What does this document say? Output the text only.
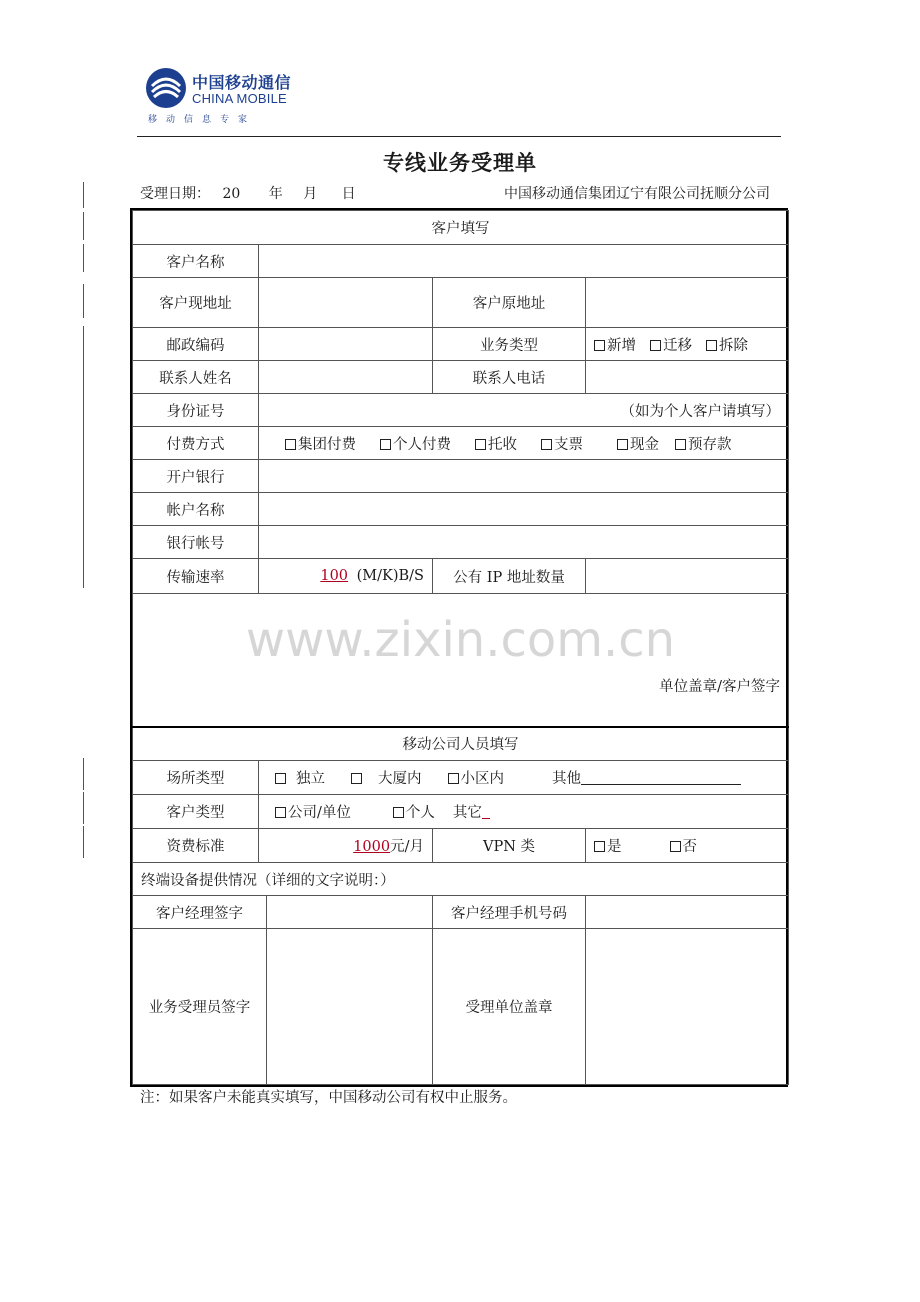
中国移动通信
CHINA MOBILE
移动信息专家
专线业务受理单
受理日期： 20 年 月 日	中国移动通信集团辽宁有限公司抚顺分公司
客户填写				
客户名称				
客户现地址			客户原地址	
邮政编码			业务类型	新增 迁移 拆除
联系人姓名			联系人电话	
身份证号	（如为个人客户请填写）			
付费方式	集团付费 个人付费 托收 支票 现金 预存款			
开户银行				
帐户名称				
银行帐号				
传输速率	100 (M/K)B/S		公有 IP 地址数量	

www.zixin.com.cn
单位盖章/客户签字				

移动公司人员填写				
场所类型	独立 大厦内 小区内 其他			
客户类型	公司/单位 个人 其它			
资费标准	1000元/月		VPN 类	是 否
终端设备提供情况（详细的文字说明：）				
客户经理签字			客户经理手机号码	
业务受理员签字			受理单位盖章	
注：如果客户未能真实填写，中国移动公司有权中止服务。
